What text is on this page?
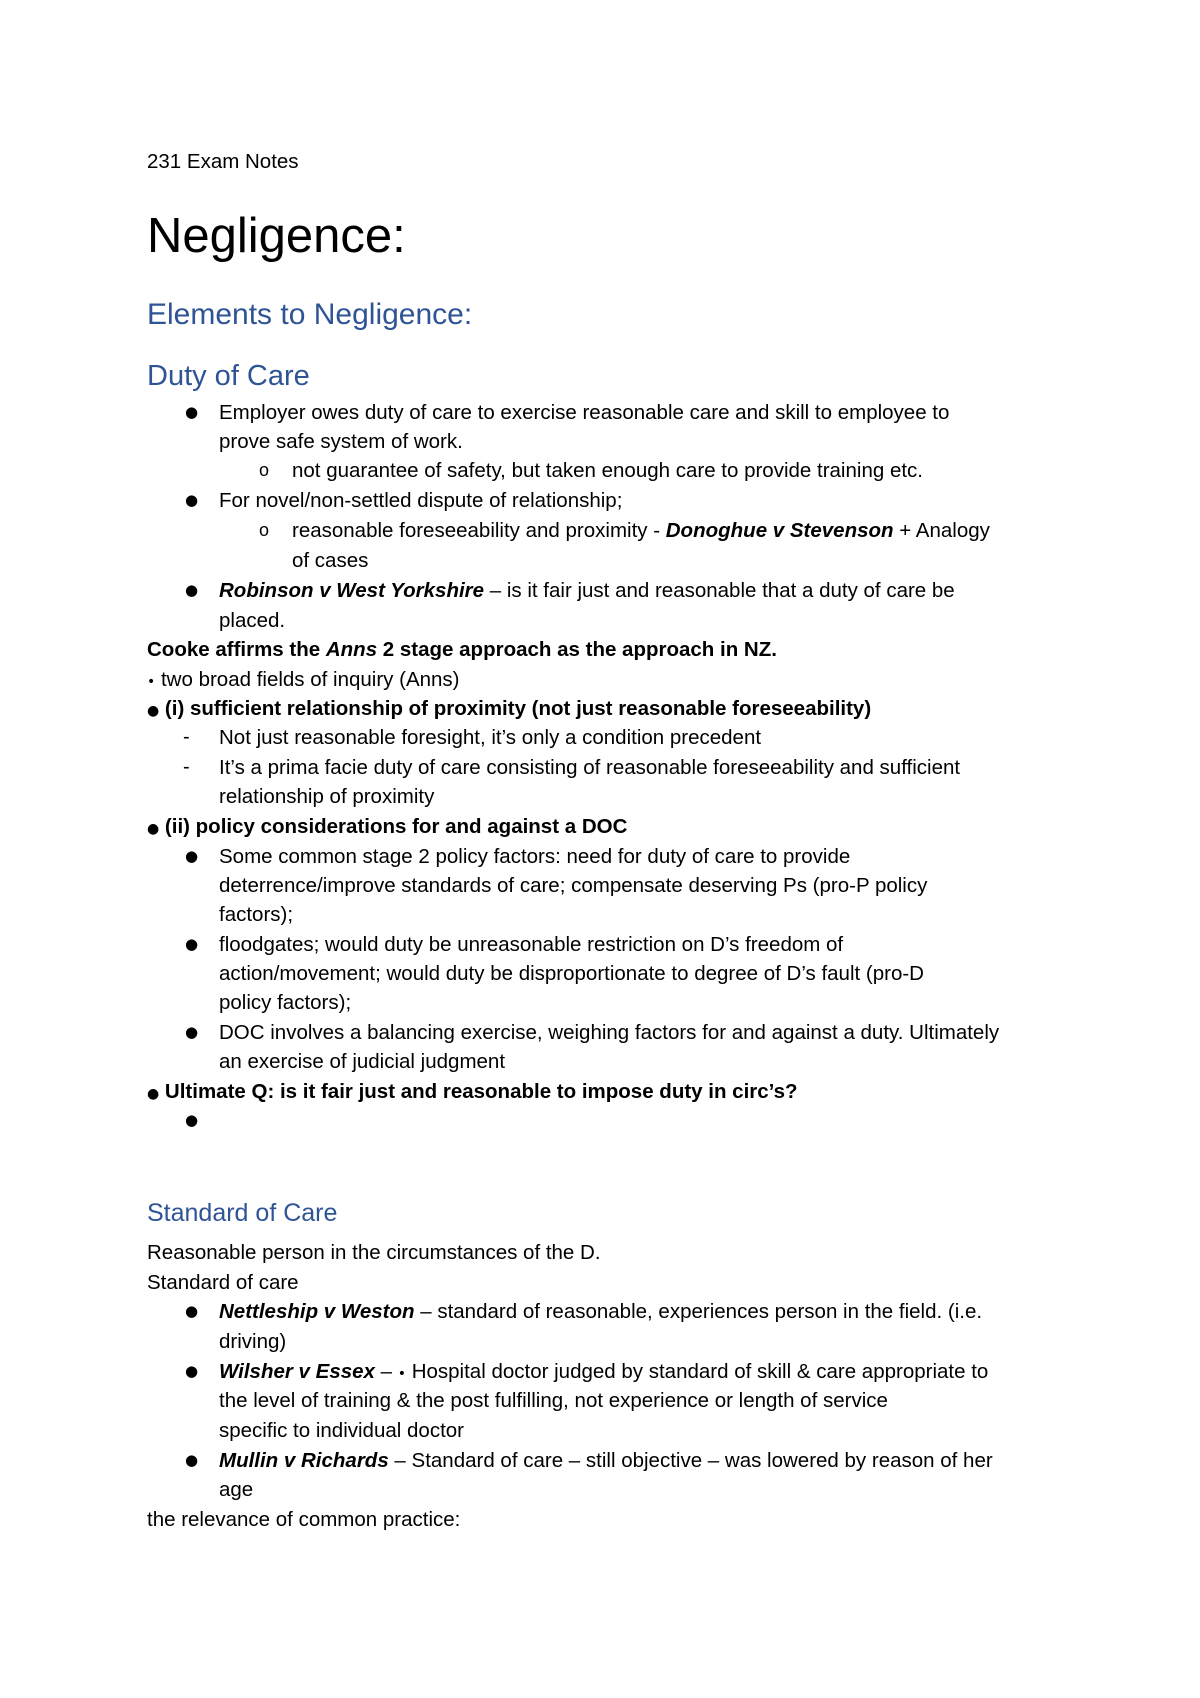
231 Exam Notes

Negligence:

Elements to Negligence:

Duty of Care

● Employer owes duty of care to exercise reasonable care and skill to employee to

prove safe system of work.

o not guarantee of safety, but taken enough care to provide training etc.

● For novel/non-settled dispute of relationship;

o reasonable foreseeability and proximity - Donoghue v Stevenson + Analogy

of cases

● Robinson v West Yorkshire – is it fair just and reasonable that a duty of care be

placed.

Cooke affirms the Anns 2 stage approach as the approach in NZ.

• two broad fields of inquiry (Anns)

● (i) sufficient relationship of proximity (not just reasonable foreseeability)

- Not just reasonable foresight, it’s only a condition precedent

- It’s a prima facie duty of care consisting of reasonable foreseeability and sufficient

relationship of proximity

● (ii) policy considerations for and against a DOC

● Some common stage 2 policy factors: need for duty of care to provide

deterrence/improve standards of care; compensate deserving Ps (pro-P policy

factors);

● floodgates; would duty be unreasonable restriction on D’s freedom of

action/movement; would duty be disproportionate to degree of D’s fault (pro-D

policy factors);

● DOC involves a balancing exercise, weighing factors for and against a duty. Ultimately

an exercise of judicial judgment

● Ultimate Q: is it fair just and reasonable to impose duty in circ’s?

●

Standard of Care

Reasonable person in the circumstances of the D.

Standard of care

● Nettleship v Weston – standard of reasonable, experiences person in the field. (i.e.

driving)

● Wilsher v Essex – • Hospital doctor judged by standard of skill & care appropriate to

the level of training & the post fulfilling, not experience or length of service

specific to individual doctor

● Mullin v Richards – Standard of care – still objective – was lowered by reason of her

age

the relevance of common practice:
